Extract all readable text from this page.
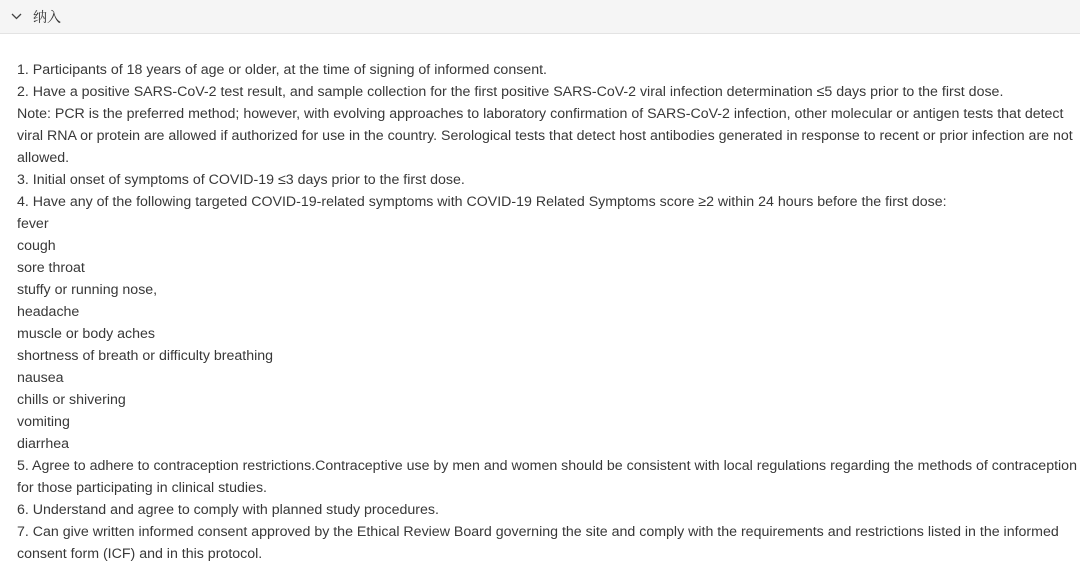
纳入

1. Participants of 18 years of age or older, at the time of signing of informed consent.

2. Have a positive SARS-CoV-2 test result, and sample collection for the first positive SARS-CoV-2 viral infection determination ≤5 days prior to the first dose.

Note: PCR is the preferred method; however, with evolving approaches to laboratory confirmation of SARS-CoV-2 infection, other molecular or antigen tests that detect viral RNA or protein are allowed if authorized for use in the country. Serological tests that detect host antibodies generated in response to recent or prior infection are not allowed.

3. Initial onset of symptoms of COVID-19 ≤3 days prior to the first dose.

4. Have any of the following targeted COVID-19-related symptoms with COVID-19 Related Symptoms score ≥2 within 24 hours before the first dose:

fever

cough

sore throat

stuffy or running nose,

headache

muscle or body aches

shortness of breath or difficulty breathing

nausea

chills or shivering

vomiting

diarrhea

5. Agree to adhere to contraception restrictions.Contraceptive use by men and women should be consistent with local regulations regarding the methods of contraception for those participating in clinical studies.

6. Understand and agree to comply with planned study procedures.

7. Can give written informed consent approved by the Ethical Review Board governing the site and comply with the requirements and restrictions listed in the informed consent form (ICF) and in this protocol.
